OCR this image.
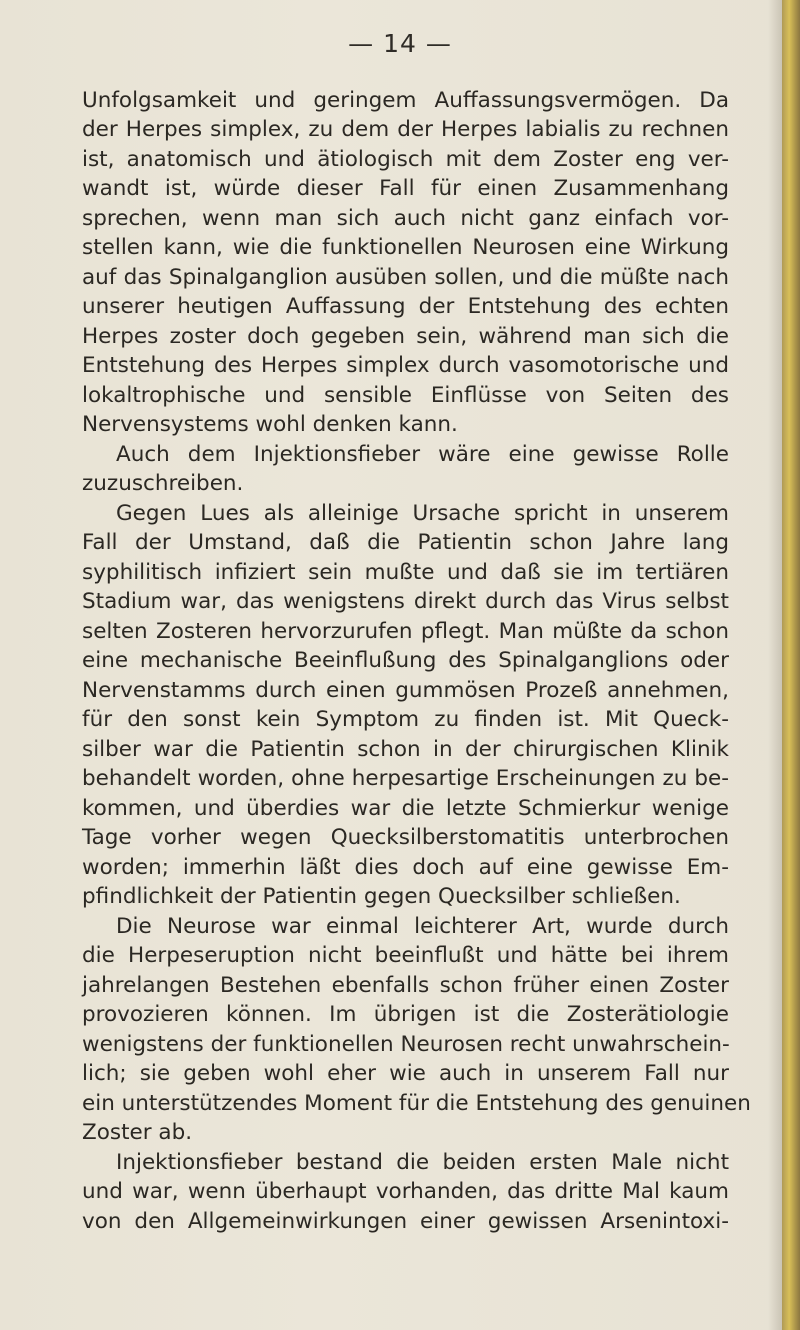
— 14 —
Unfolgsamkeit und geringem Auffassungsvermögen. Da
der Herpes simplex, zu dem der Herpes labialis zu rechnen
ist, anatomisch und ätiologisch mit dem Zoster eng ver-
wandt ist, würde dieser Fall für einen Zusammenhang
sprechen, wenn man sich auch nicht ganz einfach vor-
stellen kann, wie die funktionellen Neurosen eine Wirkung
auf das Spinalganglion ausüben sollen, und die müßte nach
unserer heutigen Auffassung der Entstehung des echten
Herpes zoster doch gegeben sein, während man sich die
Entstehung des Herpes simplex durch vasomotorische und
lokaltrophische und sensible Einflüsse von Seiten des
Nervensystems wohl denken kann.
Auch dem Injektionsfieber wäre eine gewisse Rolle
zuzuschreiben.
Gegen Lues als alleinige Ursache spricht in unserem
Fall der Umstand, daß die Patientin schon Jahre lang
syphilitisch infiziert sein mußte und daß sie im tertiären
Stadium war, das wenigstens direkt durch das Virus selbst
selten Zosteren hervorzurufen pflegt. Man müßte da schon
eine mechanische Beeinflußung des Spinalganglions oder
Nervenstamms durch einen gummösen Prozeß annehmen,
für den sonst kein Symptom zu finden ist. Mit Queck-
silber war die Patientin schon in der chirurgischen Klinik
behandelt worden, ohne herpesartige Erscheinungen zu be-
kommen, und überdies war die letzte Schmierkur wenige
Tage vorher wegen Quecksilberstomatitis unterbrochen
worden; immerhin läßt dies doch auf eine gewisse Em-
pfindlichkeit der Patientin gegen Quecksilber schließen.
Die Neurose war einmal leichterer Art, wurde durch
die Herpeseruption nicht beeinflußt und hätte bei ihrem
jahrelangen Bestehen ebenfalls schon früher einen Zoster
provozieren können. Im übrigen ist die Zosterätiologie
wenigstens der funktionellen Neurosen recht unwahrschein-
lich; sie geben wohl eher wie auch in unserem Fall nur
ein unterstützendes Moment für die Entstehung des genuinen
Zoster ab.
Injektionsfieber bestand die beiden ersten Male nicht
und war, wenn überhaupt vorhanden, das dritte Mal kaum
von den Allgemeinwirkungen einer gewissen Arsenintoxi-
